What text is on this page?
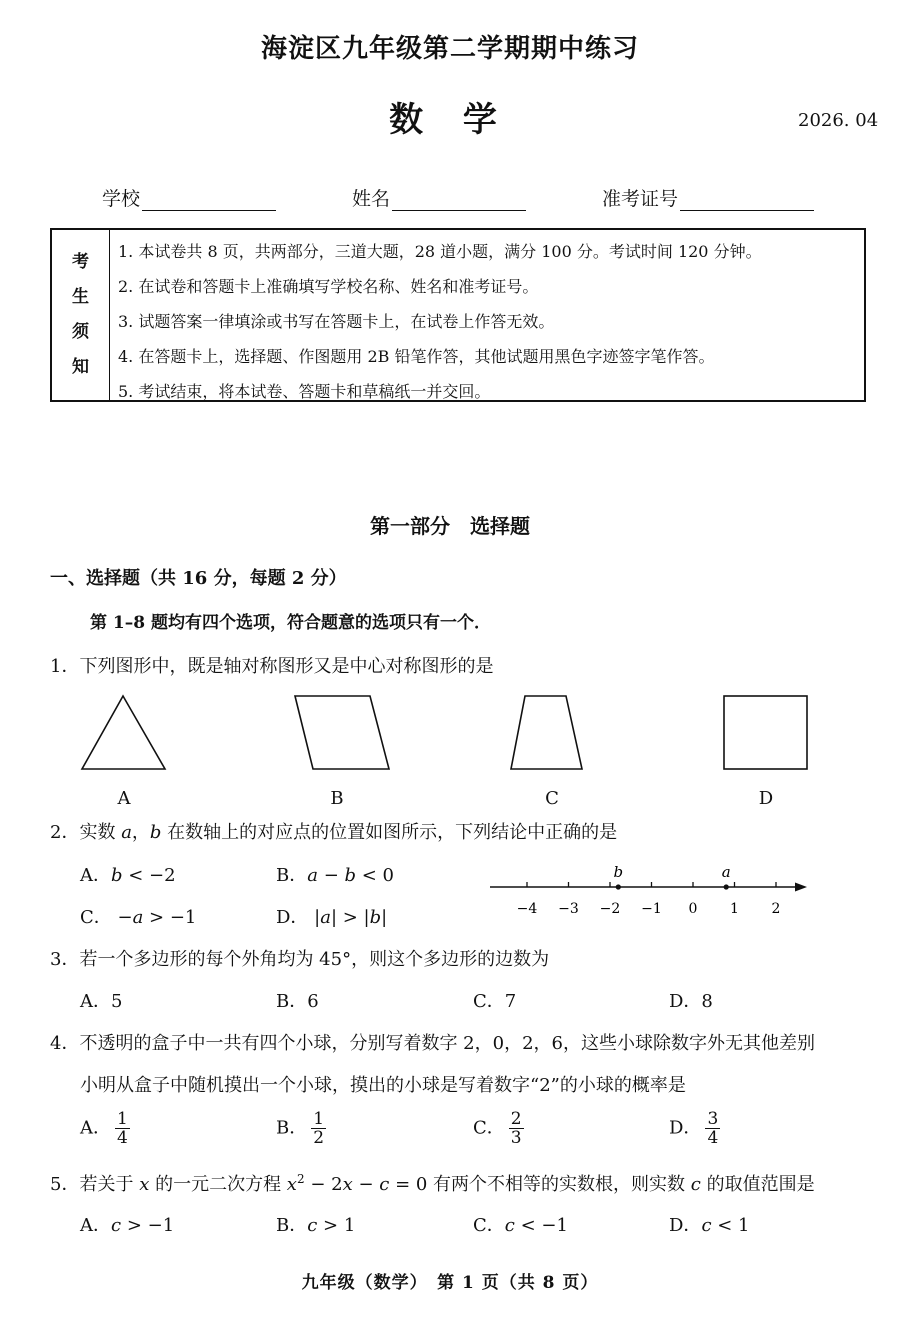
海淀区九年级第二学期期中练习
数 学	2026. 04
学校	姓名	准考证号
考
生
须
知
1. 本试卷共 8 页，共两部分，三道大题，28 道小题，满分 100 分。考试时间 120 分钟。
2. 在试卷和答题卡上准确填写学校名称、姓名和准考证号。
3. 试题答案一律填涂或书写在答题卡上，在试卷上作答无效。
4. 在答题卡上，选择题、作图题用 2B 铅笔作答，其他试题用黑色字迹签字笔作答。
5. 考试结束，将本试卷、答题卡和草稿纸一并交回。
第一部分　选择题
一、选择题（共 16 分，每题 2 分）
第 1–8 题均有四个选项，符合题意的选项只有一个．
1．下列图形中，既是轴对称图形又是中心对称图形的是
A	B	C	D
2．实数 a，b 在数轴上的对应点的位置如图所示，下列结论中正确的是
A．b < −2	B．a − b < 0
C． −a > −1	D． |a| > |b|	−4 −3 −2 −1 0 1 2
b	a
3．若一个多边形的每个外角均为 45°，则这个多边形的边数为
A．5	B．6	C．7	D．8
4．不透明的盒子中一共有四个小球，分别写着数字 2，0，2，6，这些小球除数字外无其他差别
小明从盒子中随机摸出一个小球，摸出的小球是写着数字“2”的小球的概率是
A． $\frac{1}{4}$	B． $\frac{1}{2}$	C． $\frac{2}{3}$	D． $\frac{3}{4}$
5．若关于 x 的一元二次方程 $x^2 - 2x - c = 0$ 有两个不相等的实数根，则实数 c 的取值范围是
A．c > −1	B．c > 1	C．c < −1	D．c < 1
九年级（数学）　第 1 页（共 8 页）
